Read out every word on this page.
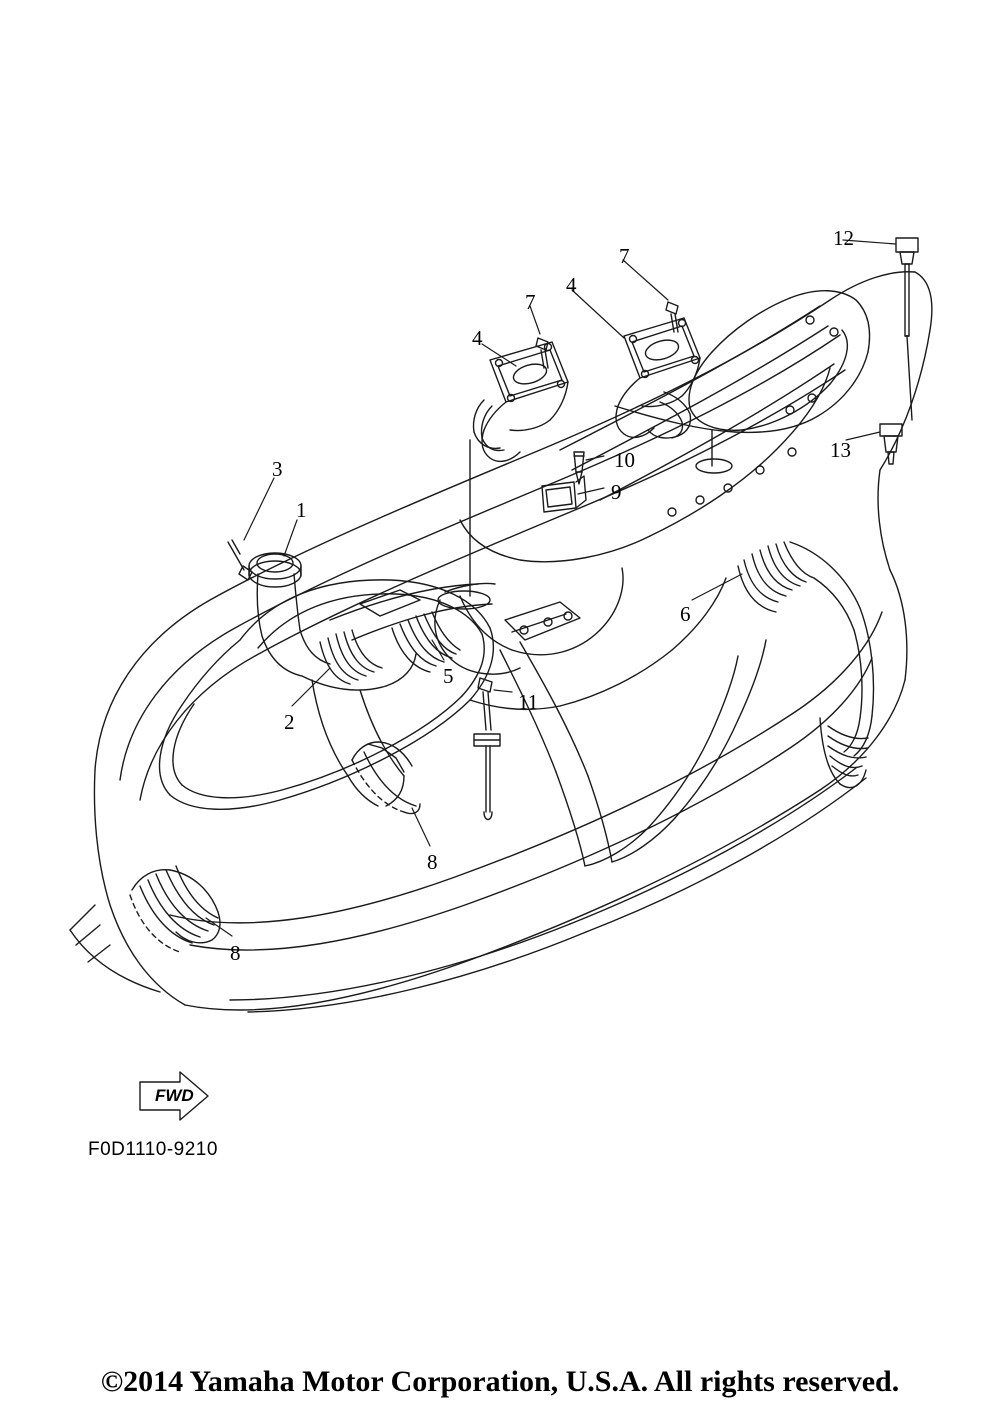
1
2
3
4
4
5
6
7
7
8
8
9
10
11
12
13
FWD
F0D1110-9210
©2014 Yamaha Motor Corporation, U.S.A. All rights reserved.
